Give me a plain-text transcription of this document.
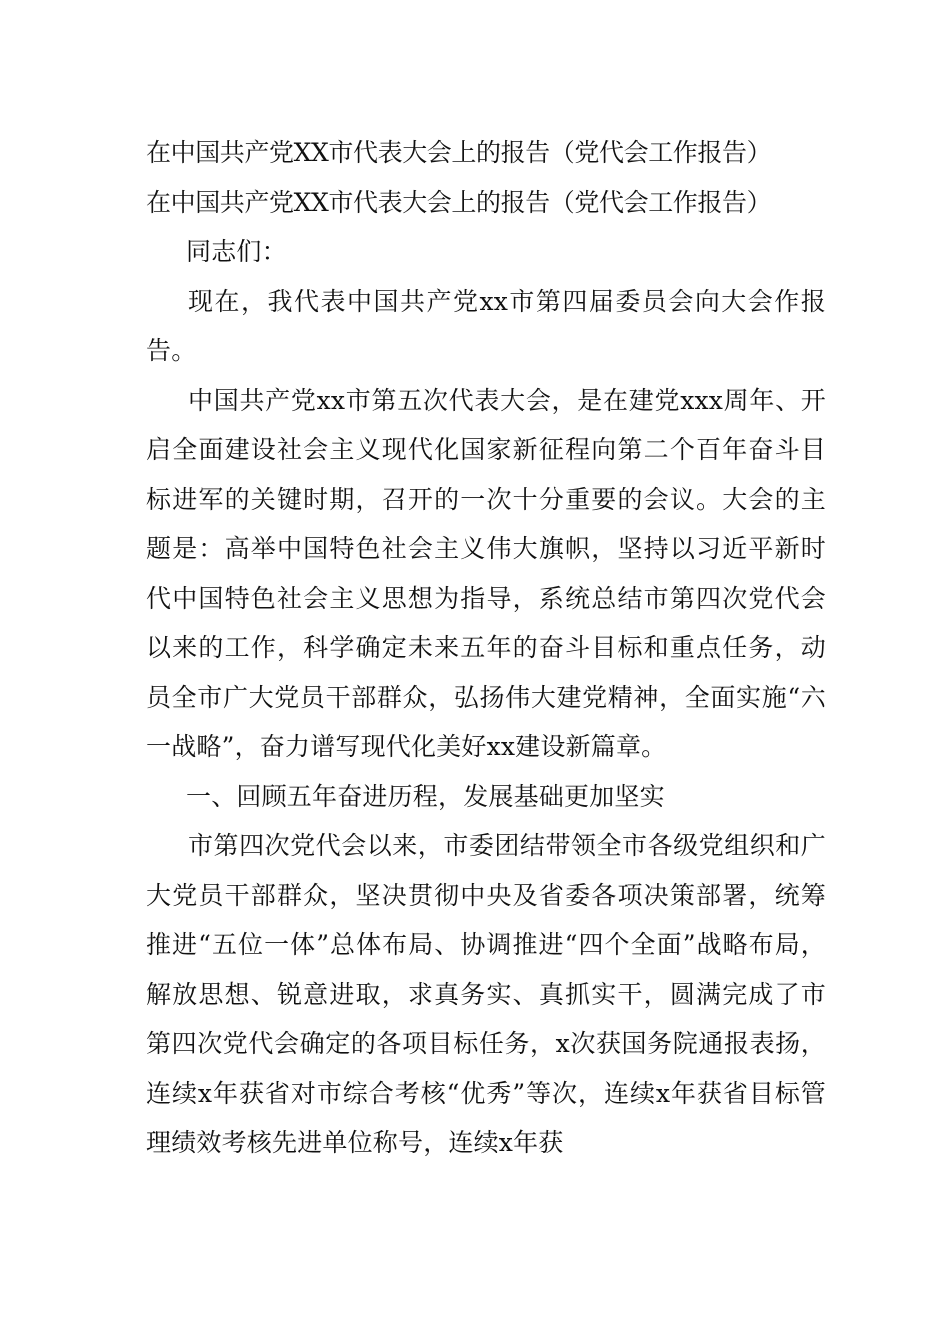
在中国共产党XX市代表大会上的报告（党代会工作报告）

在中国共产党XX市代表大会上的报告（党代会工作报告）

同志们：

现在，我代表中国共产党xx市第四届委员会向大会作报告。

中国共产党xx市第五次代表大会，是在建党xxx周年、开启全面建设社会主义现代化国家新征程向第二个百年奋斗目标进军的关键时期，召开的一次十分重要的会议。大会的主题是：高举中国特色社会主义伟大旗帜，坚持以习近平新时代中国特色社会主义思想为指导，系统总结市第四次党代会以来的工作，科学确定未来五年的奋斗目标和重点任务，动员全市广大党员干部群众，弘扬伟大建党精神，全面实施“六一战略”，奋力谱写现代化美好xx建设新篇章。

一、回顾五年奋进历程，发展基础更加坚实

市第四次党代会以来，市委团结带领全市各级党组织和广大党员干部群众，坚决贯彻中央及省委各项决策部署，统筹推进“五位一体”总体布局、协调推进“四个全面”战略布局，解放思想、锐意进取，求真务实、真抓实干，圆满完成了市第四次党代会确定的各项目标任务，x次获国务院通报表扬，连续x年获省对市综合考核“优秀”等次，连续x年获省目标管理绩效考核先进单位称号，连续x年获
